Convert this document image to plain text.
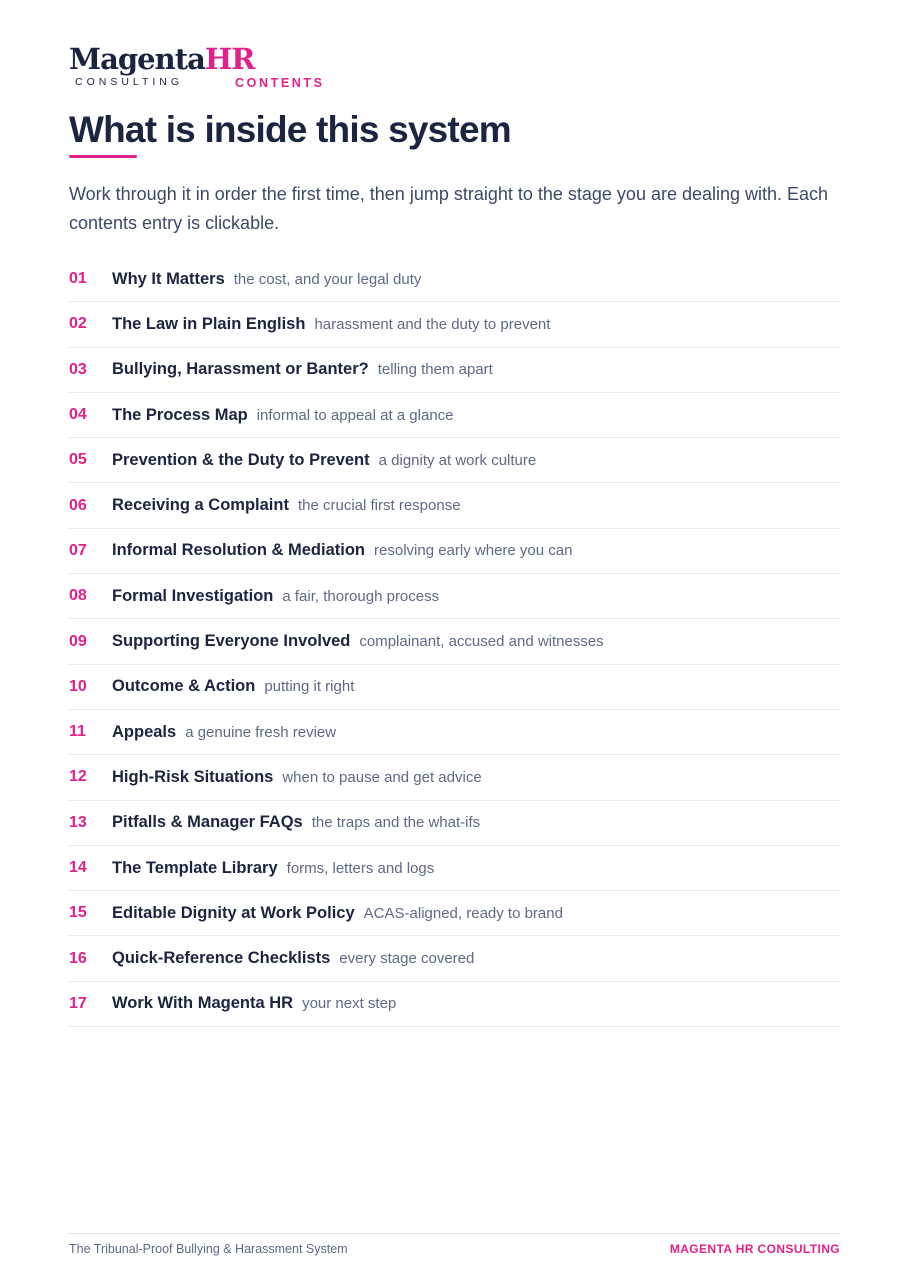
MagentaHR
CONSULTING	CONTENTS
What is inside this system

Work through it in order the first time, then jump straight to the stage you are dealing with. Each contents entry is clickable.

01	Why It Matters the cost, and your legal duty
02	The Law in Plain English harassment and the duty to prevent
03	Bullying, Harassment or Banter? telling them apart
04	The Process Map informal to appeal at a glance
05	Prevention & the Duty to Prevent a dignity at work culture
06	Receiving a Complaint the crucial first response
07	Informal Resolution & Mediation resolving early where you can
08	Formal Investigation a fair, thorough process
09	Supporting Everyone Involved complainant, accused and witnesses
10	Outcome & Action putting it right
11	Appeals a genuine fresh review
12	High-Risk Situations when to pause and get advice
13	Pitfalls & Manager FAQs the traps and the what-ifs
14	The Template Library forms, letters and logs
15	Editable Dignity at Work Policy ACAS-aligned, ready to brand
16	Quick-Reference Checklists every stage covered
17	Work With Magenta HR your next step
The Tribunal-Proof Bullying & Harassment System	MAGENTA HR CONSULTING
